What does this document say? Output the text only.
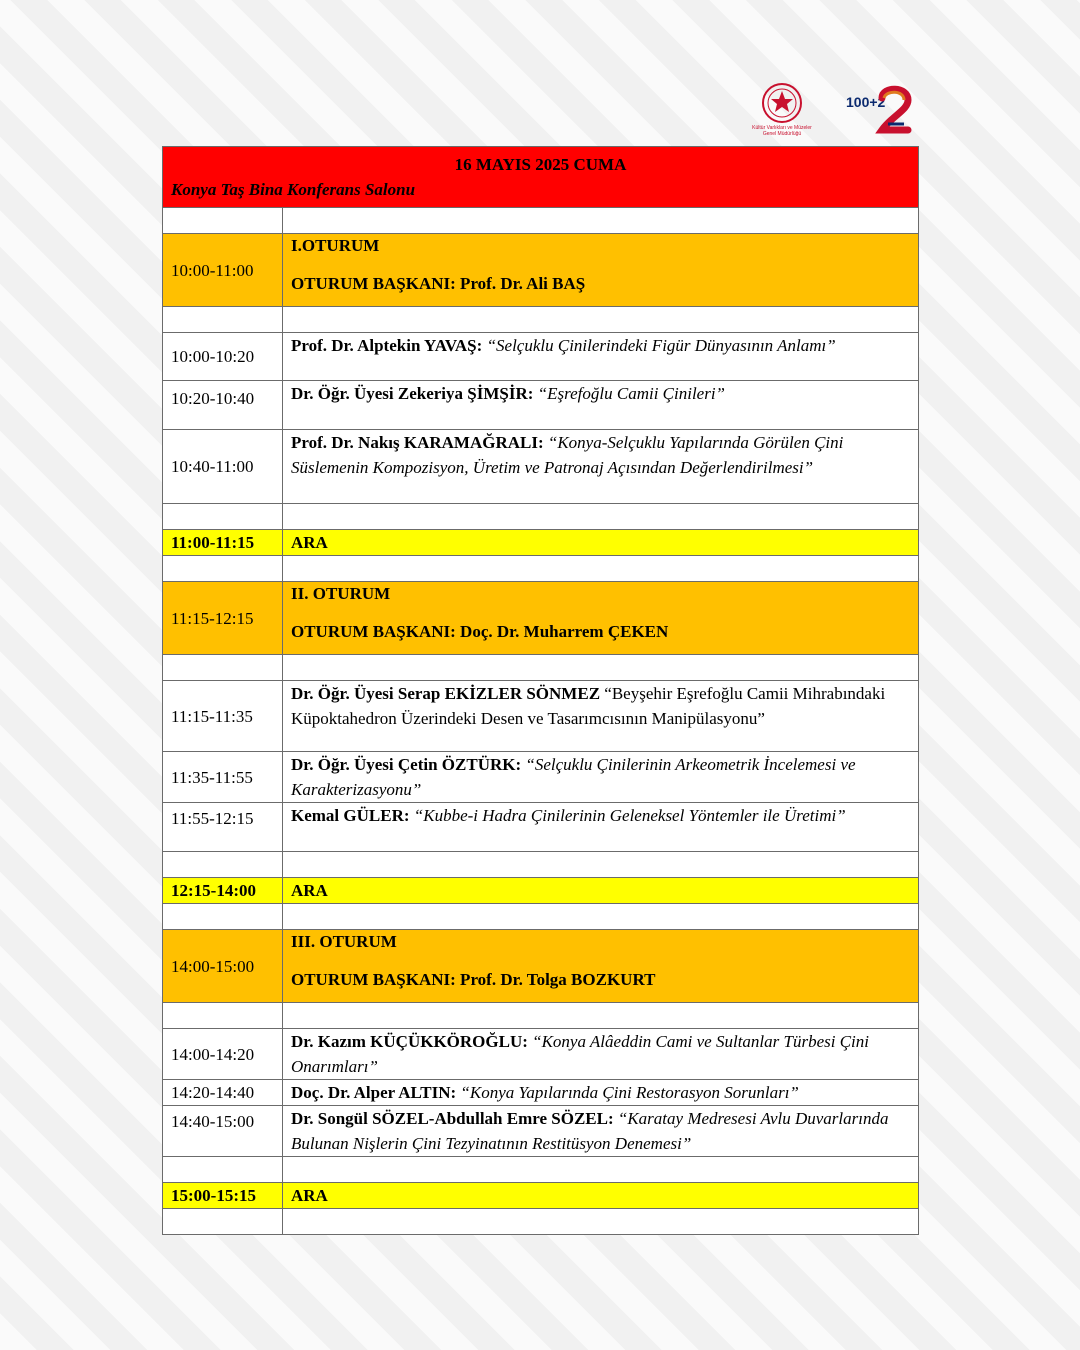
Kültür Varlıkları ve Müzeler Genel Müdürlüğü
100+2
16 MAYIS 2025 CUMA
Konya Taş Bina Konferans Salonu	

10:00-11:00	I.OTURUM
OTURUM BAŞKANI: Prof. Dr. Ali BAŞ

10:00-10:20	Prof. Dr. Alptekin YAVAŞ: “Selçuklu Çinilerindeki Figür Dünyasının Anlamı”
10:20-10:40	Dr. Öğr. Üyesi Zekeriya ŞİMŞİR: “Eşrefoğlu Camii Çinileri”
10:40-11:00	Prof. Dr. Nakış KARAMAĞRALI: “Konya-Selçuklu Yapılarında Görülen Çini Süslemenin Kompozisyon, Üretim ve Patronaj Açısından Değerlendirilmesi”

11:00-11:15	ARA

11:15-12:15	II. OTURUM
OTURUM BAŞKANI: Doç. Dr. Muharrem ÇEKEN

11:15-11:35	Dr. Öğr. Üyesi Serap EKİZLER SÖNMEZ “Beyşehir Eşrefoğlu Camii Mihrabındaki Küpoktahedron Üzerindeki Desen ve Tasarımcısının Manipülasyonu”
11:35-11:55	Dr. Öğr. Üyesi Çetin ÖZTÜRK: “Selçuklu Çinilerinin Arkeometrik İncelemesi ve Karakterizasyonu”
11:55-12:15	Kemal GÜLER: “Kubbe-i Hadra Çinilerinin Geleneksel Yöntemler ile Üretimi”

12:15-14:00	ARA

14:00-15:00	III. OTURUM
OTURUM BAŞKANI: Prof. Dr. Tolga BOZKURT

14:00-14:20	Dr. Kazım KÜÇÜKKÖROĞLU: “Konya Alâeddin Cami ve Sultanlar Türbesi Çini Onarımları”
14:20-14:40	Doç. Dr. Alper ALTIN: “Konya Yapılarında Çini Restorasyon Sorunları”
14:40-15:00	Dr. Songül SÖZEL-Abdullah Emre SÖZEL: “Karatay Medresesi Avlu Duvarlarında Bulunan Nişlerin Çini Tezyinatının Restitüsyon Denemesi”

15:00-15:15	ARA
